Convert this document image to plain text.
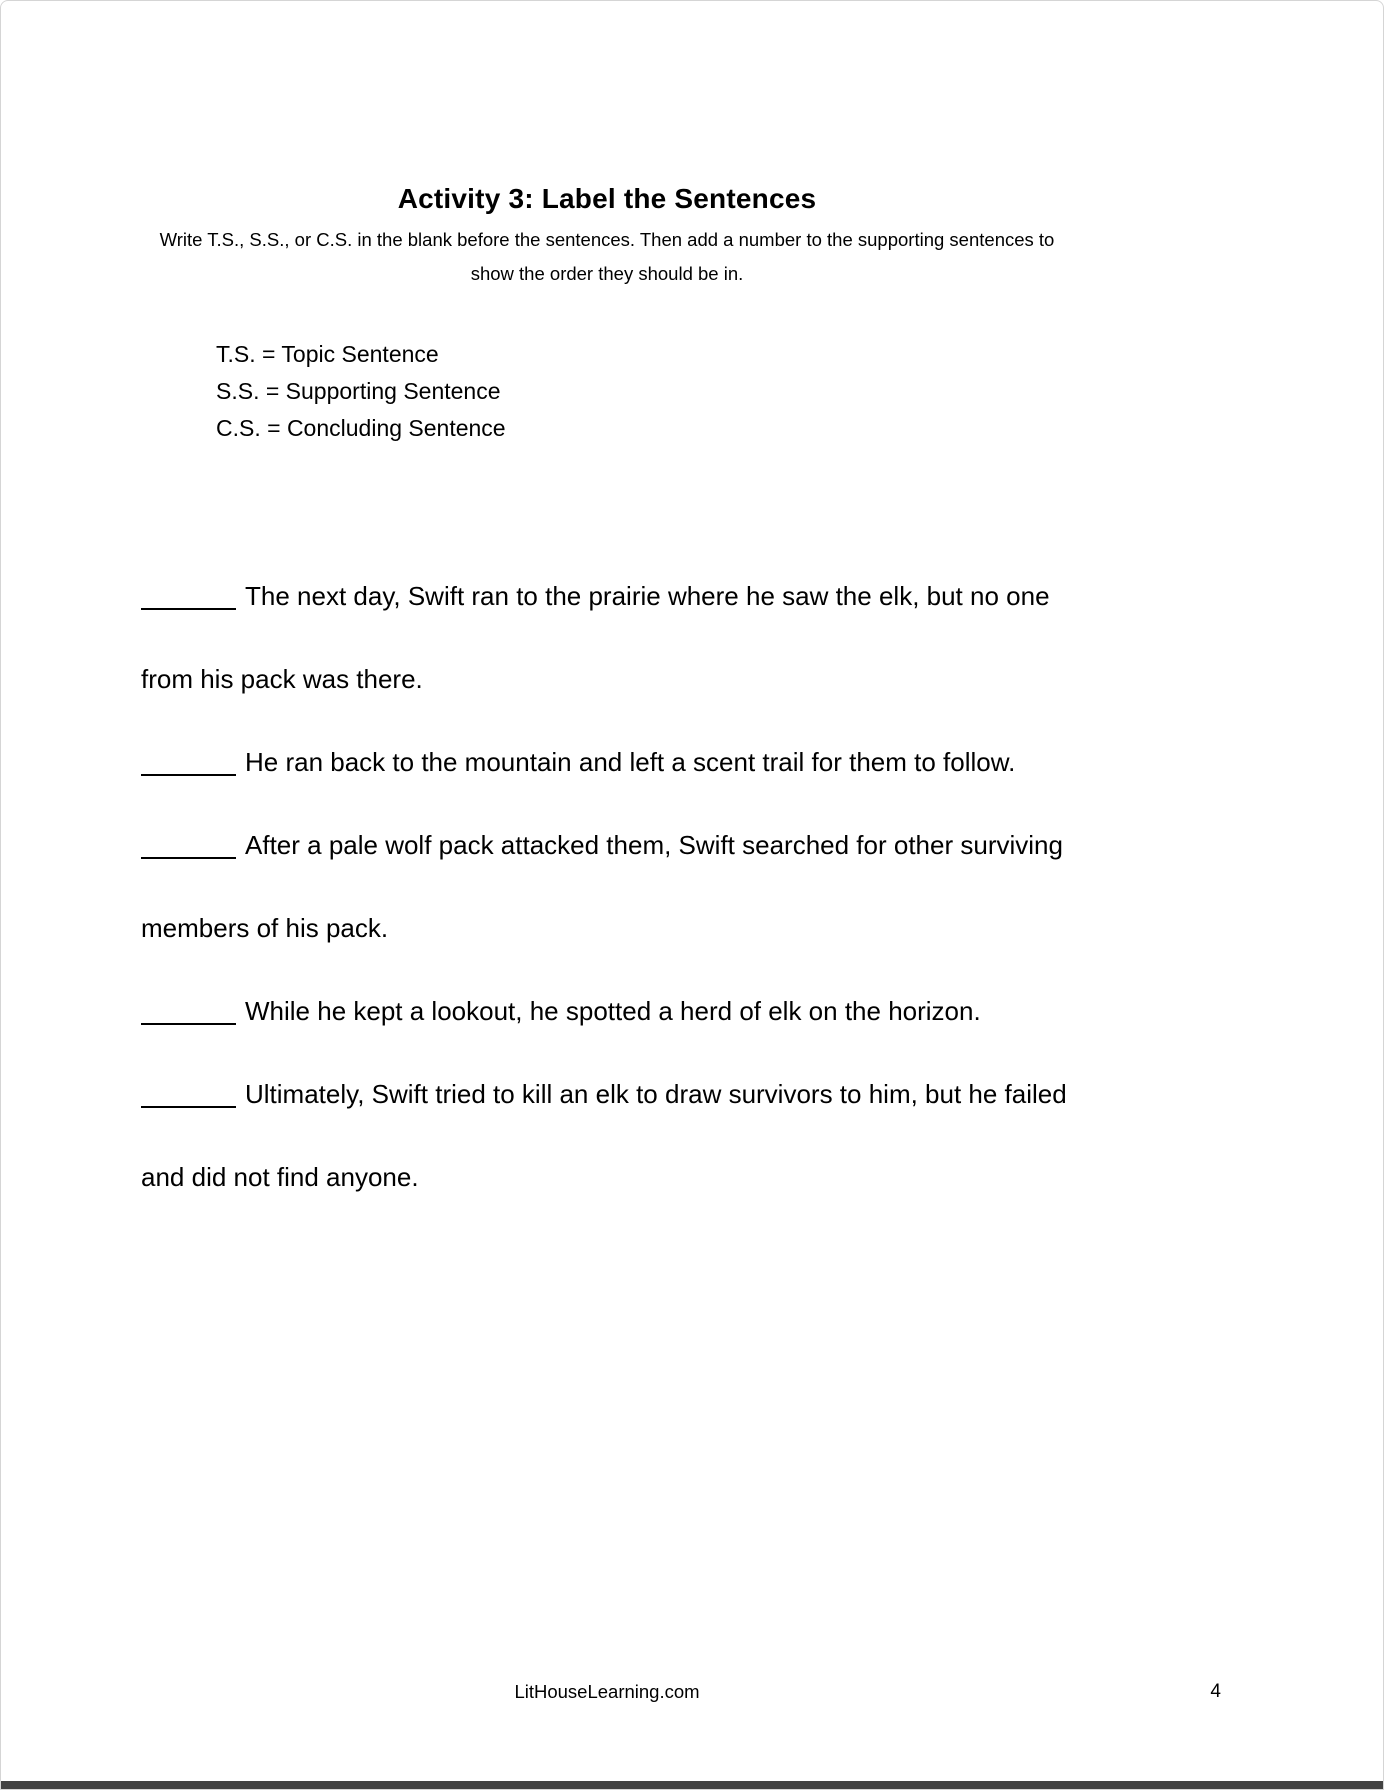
Activity 3: Label the Sentences

Write T.S., S.S., or C.S. in the blank before the sentences. Then add a number to the supporting sentences to show the order they should be in.

T.S. = Topic Sentence
S.S. = Supporting Sentence
C.S. = Concluding Sentence

The next day, Swift ran to the prairie where he saw the elk, but no one from his pack was there.

He ran back to the mountain and left a scent trail for them to follow.

After a pale wolf pack attacked them, Swift searched for other surviving members of his pack.

While he kept a lookout, he spotted a herd of elk on the horizon.

Ultimately, Swift tried to kill an elk to draw survivors to him, but he failed and did not find anyone.

LitHouseLearning.com	4
